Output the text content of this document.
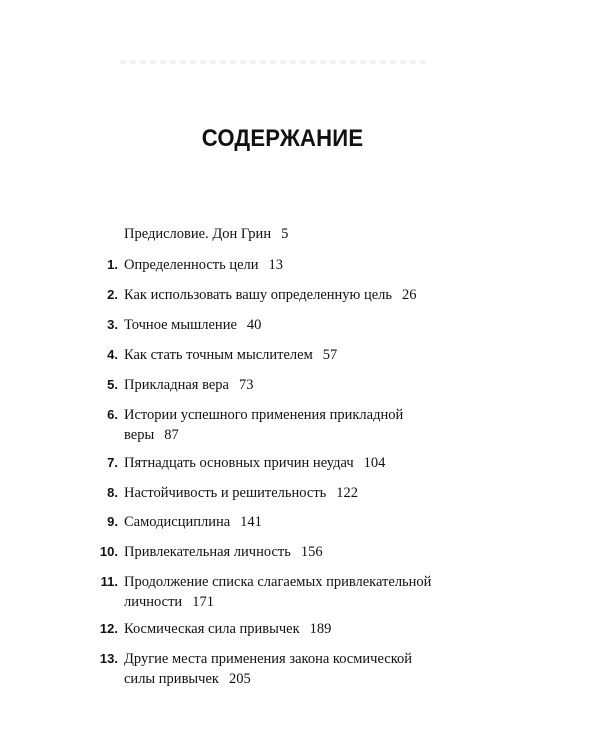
СОДЕРЖАНИЕ
Предисловие. Дон Грин 5
1. Определенность цели 13
2. Как использовать вашу определенную цель 26
3. Точное мышление 40
4. Как стать точным мыслителем 57
5. Прикладная вера 73
6. Истории успешного применения прикладной
веры 87
7. Пятнадцать основных причин неудач 104
8. Настойчивость и решительность 122
9. Самодисциплина 141
10. Привлекательная личность 156
11. Продолжение списка слагаемых привлекательной
личности 171
12. Космическая сила привычек 189
13. Другие места применения закона космической
силы привычек 205
